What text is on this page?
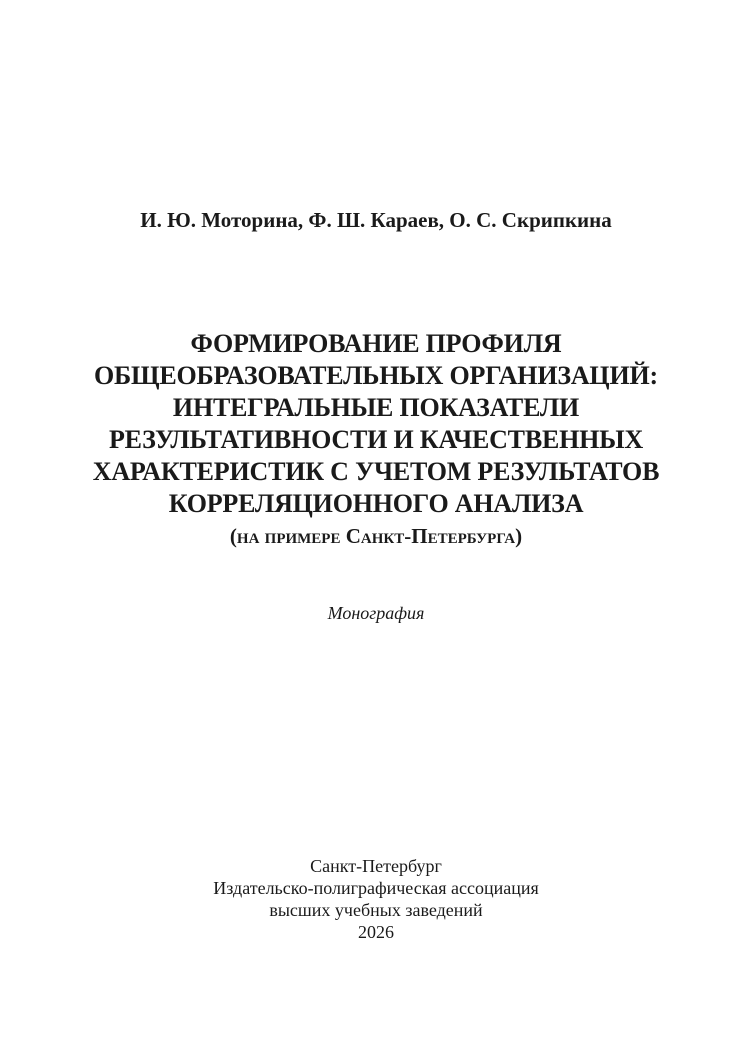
И. Ю. Моторина, Ф. Ш. Караев, О. С. Скрипкина
ФОРМИРОВАНИЕ ПРОФИЛЯ
ОБЩЕОБРАЗОВАТЕЛЬНЫХ ОРГАНИЗАЦИЙ:
ИНТЕГРАЛЬНЫЕ ПОКАЗАТЕЛИ
РЕЗУЛЬТАТИВНОСТИ И КАЧЕСТВЕННЫХ
ХАРАКТЕРИСТИК С УЧЕТОМ РЕЗУЛЬТАТОВ
КОРРЕЛЯЦИОННОГО АНАЛИЗА
(на примере Санкт-Петербурга)
Монография
Санкт-Петербург
Издательско-полиграфическая ассоциация
высших учебных заведений
2026
